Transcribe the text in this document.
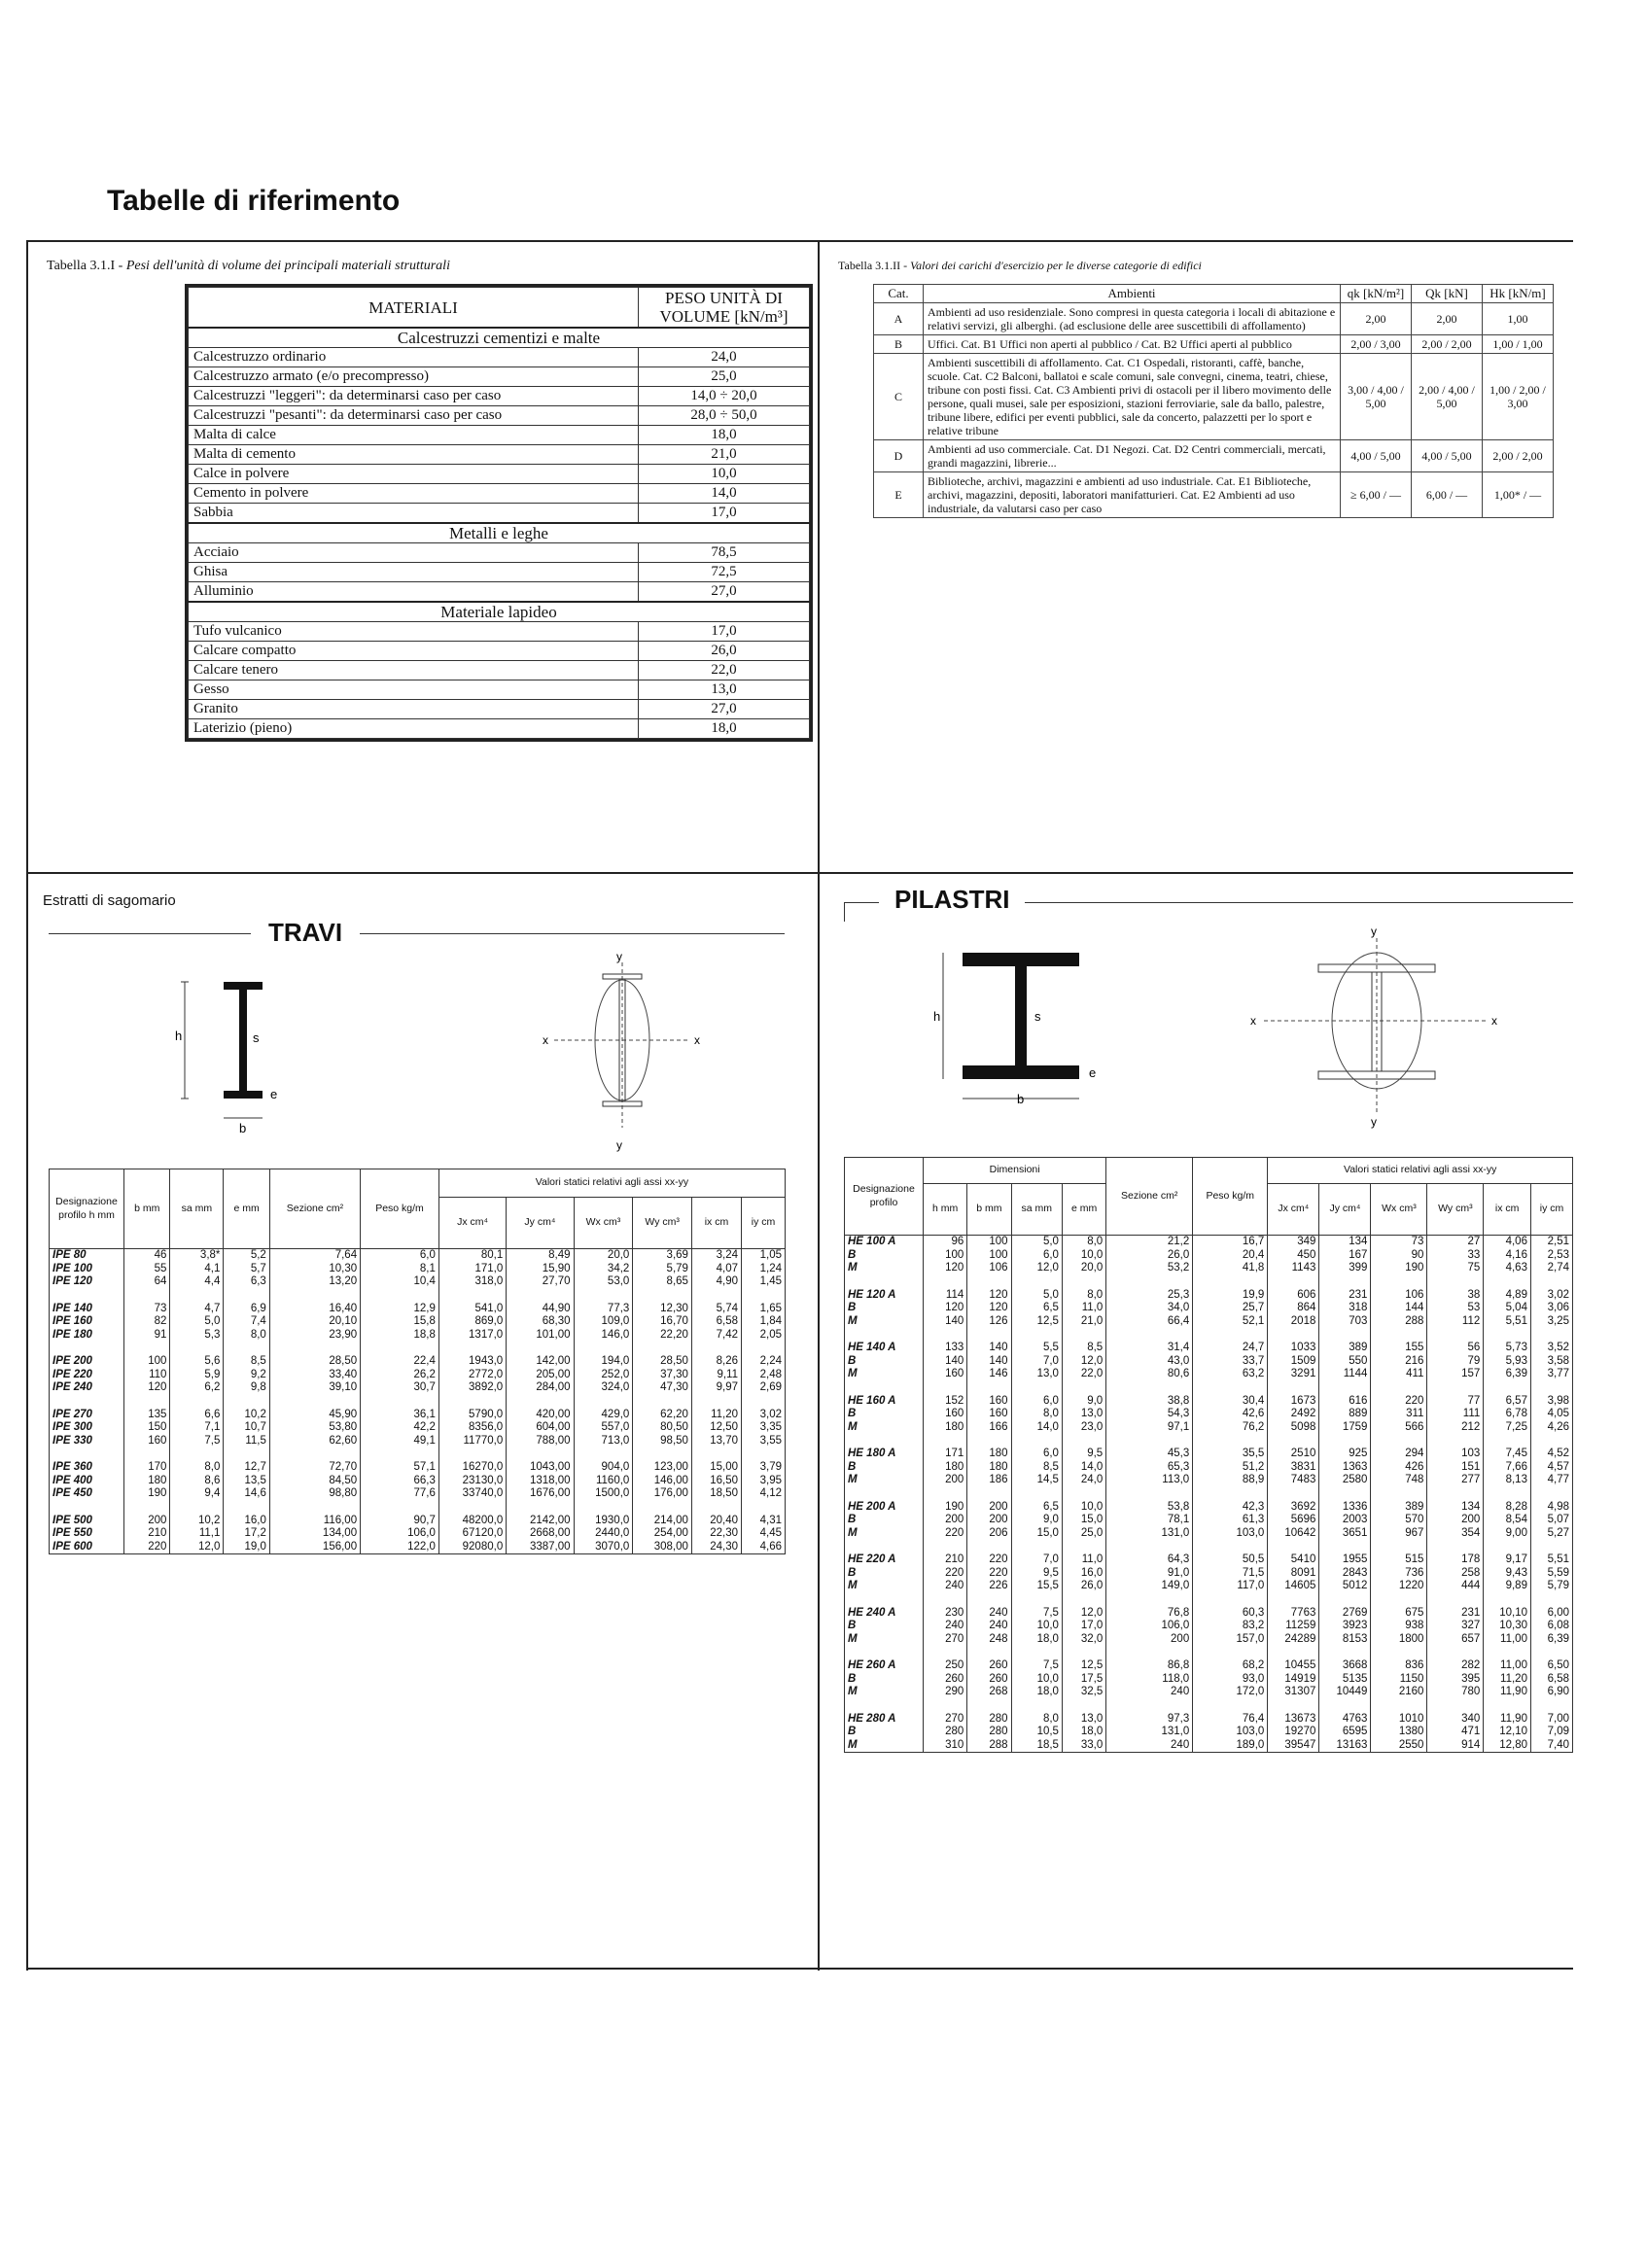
Tabelle di riferimento
Tabella 3.1.I - Pesi dell'unità di volume dei principali materiali strutturali
MATERIALI	PESO UNITÀ DI VOLUME [kN/m³]
Calcestruzzi cementizi e malte	
Calcestruzzo ordinario	24,0
Calcestruzzo armato (e/o precompresso)	25,0
Calcestruzzi "leggeri": da determinarsi caso per caso	14,0 ÷ 20,0
Calcestruzzi "pesanti": da determinarsi caso per caso	28,0 ÷ 50,0
Malta di calce	18,0
Malta di cemento	21,0
Calce in polvere	10,0
Cemento in polvere	14,0
Sabbia	17,0
Metalli e leghe	
Acciaio	78,5
Ghisa	72,5
Alluminio	27,0
Materiale lapideo	
Tufo vulcanico	17,0
Calcare compatto	26,0
Calcare tenero	22,0
Gesso	13,0
Granito	27,0
Laterizio (pieno)	18,0
Tabella 3.1.II - Valori dei carichi d'esercizio per le diverse categorie di edifici
Cat.	Ambienti	qk [kN/m²]	Qk [kN]	Hk [kN/m]
A	Ambienti ad uso residenziale. Sono compresi in questa categoria i locali di abitazione e relativi servizi, gli alberghi. (ad esclusione delle aree suscettibili di affollamento)	2,00	2,00	1,00
B	Uffici. Cat. B1 Uffici non aperti al pubblico / Cat. B2 Uffici aperti al pubblico	2,00 / 3,00	2,00 / 2,00	1,00 / 1,00
C	Ambienti suscettibili di affollamento. Cat. C1 Ospedali, ristoranti, caffè, banche, scuole. Cat. C2 Balconi, ballatoi e scale comuni, sale convegni, cinema, teatri, chiese, tribune con posti fissi. Cat. C3 Ambienti privi di ostacoli per il libero movimento delle persone, quali musei, sale per esposizioni, stazioni ferroviarie, sale da ballo, palestre, tribune libere, edifici per eventi pubblici, sale da concerto, palazzetti per lo sport e relative tribune	3,00 / 4,00 / 5,00	2,00 / 4,00 / 5,00	1,00 / 2,00 / 3,00
D	Ambienti ad uso commerciale. Cat. D1 Negozi. Cat. D2 Centri commerciali, mercati, grandi magazzini, librerie...	4,00 / 5,00	4,00 / 5,00	2,00 / 2,00
E	Biblioteche, archivi, magazzini e ambienti ad uso industriale. Cat. E1 Biblioteche, archivi, magazzini, depositi, laboratori manifatturieri. Cat. E2 Ambienti ad uso industriale, da valutarsi caso per caso	≥ 6,00 / —	6,00 / —	1,00* / —
Estratti di sagomario
TRAVI
h	s
e
b
y
y
x	x
Designazione profilo h mm	b mm	sa mm	e mm	Sezione cm²	Peso kg/m	Valori statici relativi agli assi xx-yy					
						Jx cm⁴	Jy cm⁴	Wx cm³	Wy cm³	ix cm	iy cm
IPE 80	46	3,8*	5,2	7,64	6,0	80,1	8,49	20,0	3,69	3,24	1,05
IPE 100	55	4,1	5,7	10,30	8,1	171,0	15,90	34,2	5,79	4,07	1,24
IPE 120	64	4,4	6,3	13,20	10,4	318,0	27,70	53,0	8,65	4,90	1,45

IPE 140	73	4,7	6,9	16,40	12,9	541,0	44,90	77,3	12,30	5,74	1,65
IPE 160	82	5,0	7,4	20,10	15,8	869,0	68,30	109,0	16,70	6,58	1,84
IPE 180	91	5,3	8,0	23,90	18,8	1317,0	101,00	146,0	22,20	7,42	2,05

IPE 200	100	5,6	8,5	28,50	22,4	1943,0	142,00	194,0	28,50	8,26	2,24
IPE 220	110	5,9	9,2	33,40	26,2	2772,0	205,00	252,0	37,30	9,11	2,48
IPE 240	120	6,2	9,8	39,10	30,7	3892,0	284,00	324,0	47,30	9,97	2,69

IPE 270	135	6,6	10,2	45,90	36,1	5790,0	420,00	429,0	62,20	11,20	3,02
IPE 300	150	7,1	10,7	53,80	42,2	8356,0	604,00	557,0	80,50	12,50	3,35
IPE 330	160	7,5	11,5	62,60	49,1	11770,0	788,00	713,0	98,50	13,70	3,55

IPE 360	170	8,0	12,7	72,70	57,1	16270,0	1043,00	904,0	123,00	15,00	3,79
IPE 400	180	8,6	13,5	84,50	66,3	23130,0	1318,00	1160,0	146,00	16,50	3,95
IPE 450	190	9,4	14,6	98,80	77,6	33740,0	1676,00	1500,0	176,00	18,50	4,12

IPE 500	200	10,2	16,0	116,00	90,7	48200,0	2142,00	1930,0	214,00	20,40	4,31
IPE 550	210	11,1	17,2	134,00	106,0	67120,0	2668,00	2440,0	254,00	22,30	4,45
IPE 600	220	12,0	19,0	156,00	122,0	92080,0	3387,00	3070,0	308,00	24,30	4,66
PILASTRI
h	s
e
b
y
y
x	x
Designazione profilo	Dimensioni				Sezione cm²	Peso kg/m	Valori statici relativi agli assi xx-yy					
	h mm	b mm	sa mm	e mm			Jx cm⁴	Jy cm⁴	Wx cm³	Wy cm³	ix cm	iy cm
HE 100 A	96	100	5,0	8,0	21,2	16,7	349	134	73	27	4,06	2,51
B	100	100	6,0	10,0	26,0	20,4	450	167	90	33	4,16	2,53
M	120	106	12,0	20,0	53,2	41,8	1143	399	190	75	4,63	2,74

HE 120 A	114	120	5,0	8,0	25,3	19,9	606	231	106	38	4,89	3,02
B	120	120	6,5	11,0	34,0	25,7	864	318	144	53	5,04	3,06
M	140	126	12,5	21,0	66,4	52,1	2018	703	288	112	5,51	3,25

HE 140 A	133	140	5,5	8,5	31,4	24,7	1033	389	155	56	5,73	3,52
B	140	140	7,0	12,0	43,0	33,7	1509	550	216	79	5,93	3,58
M	160	146	13,0	22,0	80,6	63,2	3291	1144	411	157	6,39	3,77

HE 160 A	152	160	6,0	9,0	38,8	30,4	1673	616	220	77	6,57	3,98
B	160	160	8,0	13,0	54,3	42,6	2492	889	311	111	6,78	4,05
M	180	166	14,0	23,0	97,1	76,2	5098	1759	566	212	7,25	4,26

HE 180 A	171	180	6,0	9,5	45,3	35,5	2510	925	294	103	7,45	4,52
B	180	180	8,5	14,0	65,3	51,2	3831	1363	426	151	7,66	4,57
M	200	186	14,5	24,0	113,0	88,9	7483	2580	748	277	8,13	4,77

HE 200 A	190	200	6,5	10,0	53,8	42,3	3692	1336	389	134	8,28	4,98
B	200	200	9,0	15,0	78,1	61,3	5696	2003	570	200	8,54	5,07
M	220	206	15,0	25,0	131,0	103,0	10642	3651	967	354	9,00	5,27

HE 220 A	210	220	7,0	11,0	64,3	50,5	5410	1955	515	178	9,17	5,51
B	220	220	9,5	16,0	91,0	71,5	8091	2843	736	258	9,43	5,59
M	240	226	15,5	26,0	149,0	117,0	14605	5012	1220	444	9,89	5,79

HE 240 A	230	240	7,5	12,0	76,8	60,3	7763	2769	675	231	10,10	6,00
B	240	240	10,0	17,0	106,0	83,2	11259	3923	938	327	10,30	6,08
M	270	248	18,0	32,0	200	157,0	24289	8153	1800	657	11,00	6,39

HE 260 A	250	260	7,5	12,5	86,8	68,2	10455	3668	836	282	11,00	6,50
B	260	260	10,0	17,5	118,0	93,0	14919	5135	1150	395	11,20	6,58
M	290	268	18,0	32,5	240	172,0	31307	10449	2160	780	11,90	6,90

HE 280 A	270	280	8,0	13,0	97,3	76,4	13673	4763	1010	340	11,90	7,00
B	280	280	10,5	18,0	131,0	103,0	19270	6595	1380	471	12,10	7,09
M	310	288	18,5	33,0	240	189,0	39547	13163	2550	914	12,80	7,40
